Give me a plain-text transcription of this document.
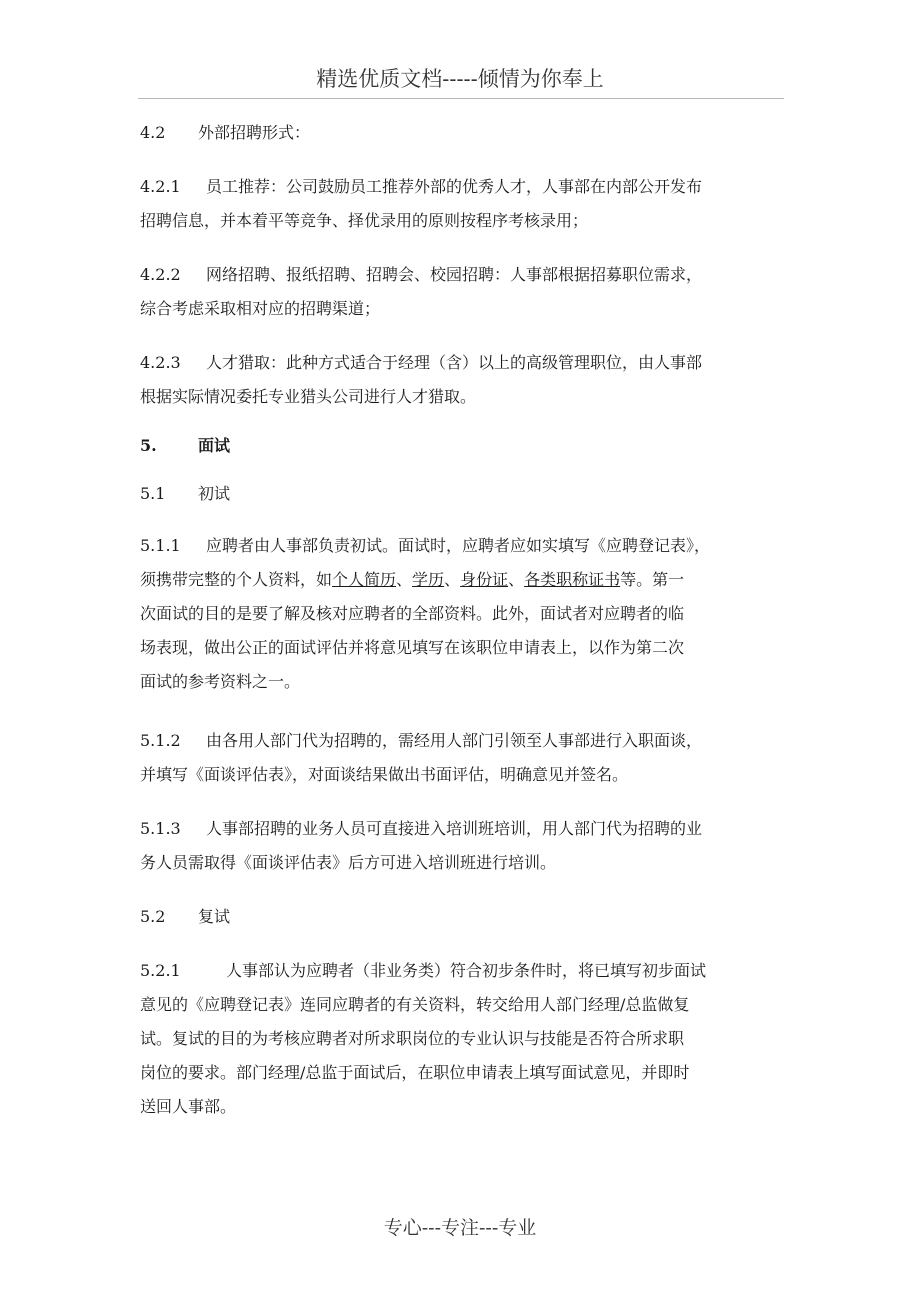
精选优质文档-----倾情为你奉上
4.2 外部招聘形式：
4.2.1 员工推荐：公司鼓励员工推荐外部的优秀人才，人事部在内部公开发布
招聘信息，并本着平等竞争、择优录用的原则按程序考核录用；
4.2.2 网络招聘、报纸招聘、招聘会、校园招聘：人事部根据招募职位需求，
综合考虑采取相对应的招聘渠道；
4.2.3 人才猎取：此种方式适合于经理（含）以上的高级管理职位，由人事部
根据实际情况委托专业猎头公司进行人才猎取。
5.	面试
5.1 初试
5.1.1 应聘者由人事部负责初试。面试时，应聘者应如实填写《应聘登记表》，
须携带完整的个人资料，如个人简历、学历、身份证、各类职称证书等。第一
次面试的目的是要了解及核对应聘者的全部资料。此外，面试者对应聘者的临
场表现，做出公正的面试评估并将意见填写在该职位申请表上，以作为第二次
面试的参考资料之一。
5.1.2 由各用人部门代为招聘的，需经用人部门引领至人事部进行入职面谈，
并填写《面谈评估表》，对面谈结果做出书面评估，明确意见并签名。
5.1.3 人事部招聘的业务人员可直接进入培训班培训，用人部门代为招聘的业
务人员需取得《面谈评估表》后方可进入培训班进行培训。
5.2 复试
5.2.1	人事部认为应聘者（非业务类）符合初步条件时，将已填写初步面试
意见的《应聘登记表》连同应聘者的有关资料，转交给用人部门经理/总监做复
试。复试的目的为考核应聘者对所求职岗位的专业认识与技能是否符合所求职
岗位的要求。部门经理/总监于面试后，在职位申请表上填写面试意见，并即时
送回人事部。
专心---专注---专业
